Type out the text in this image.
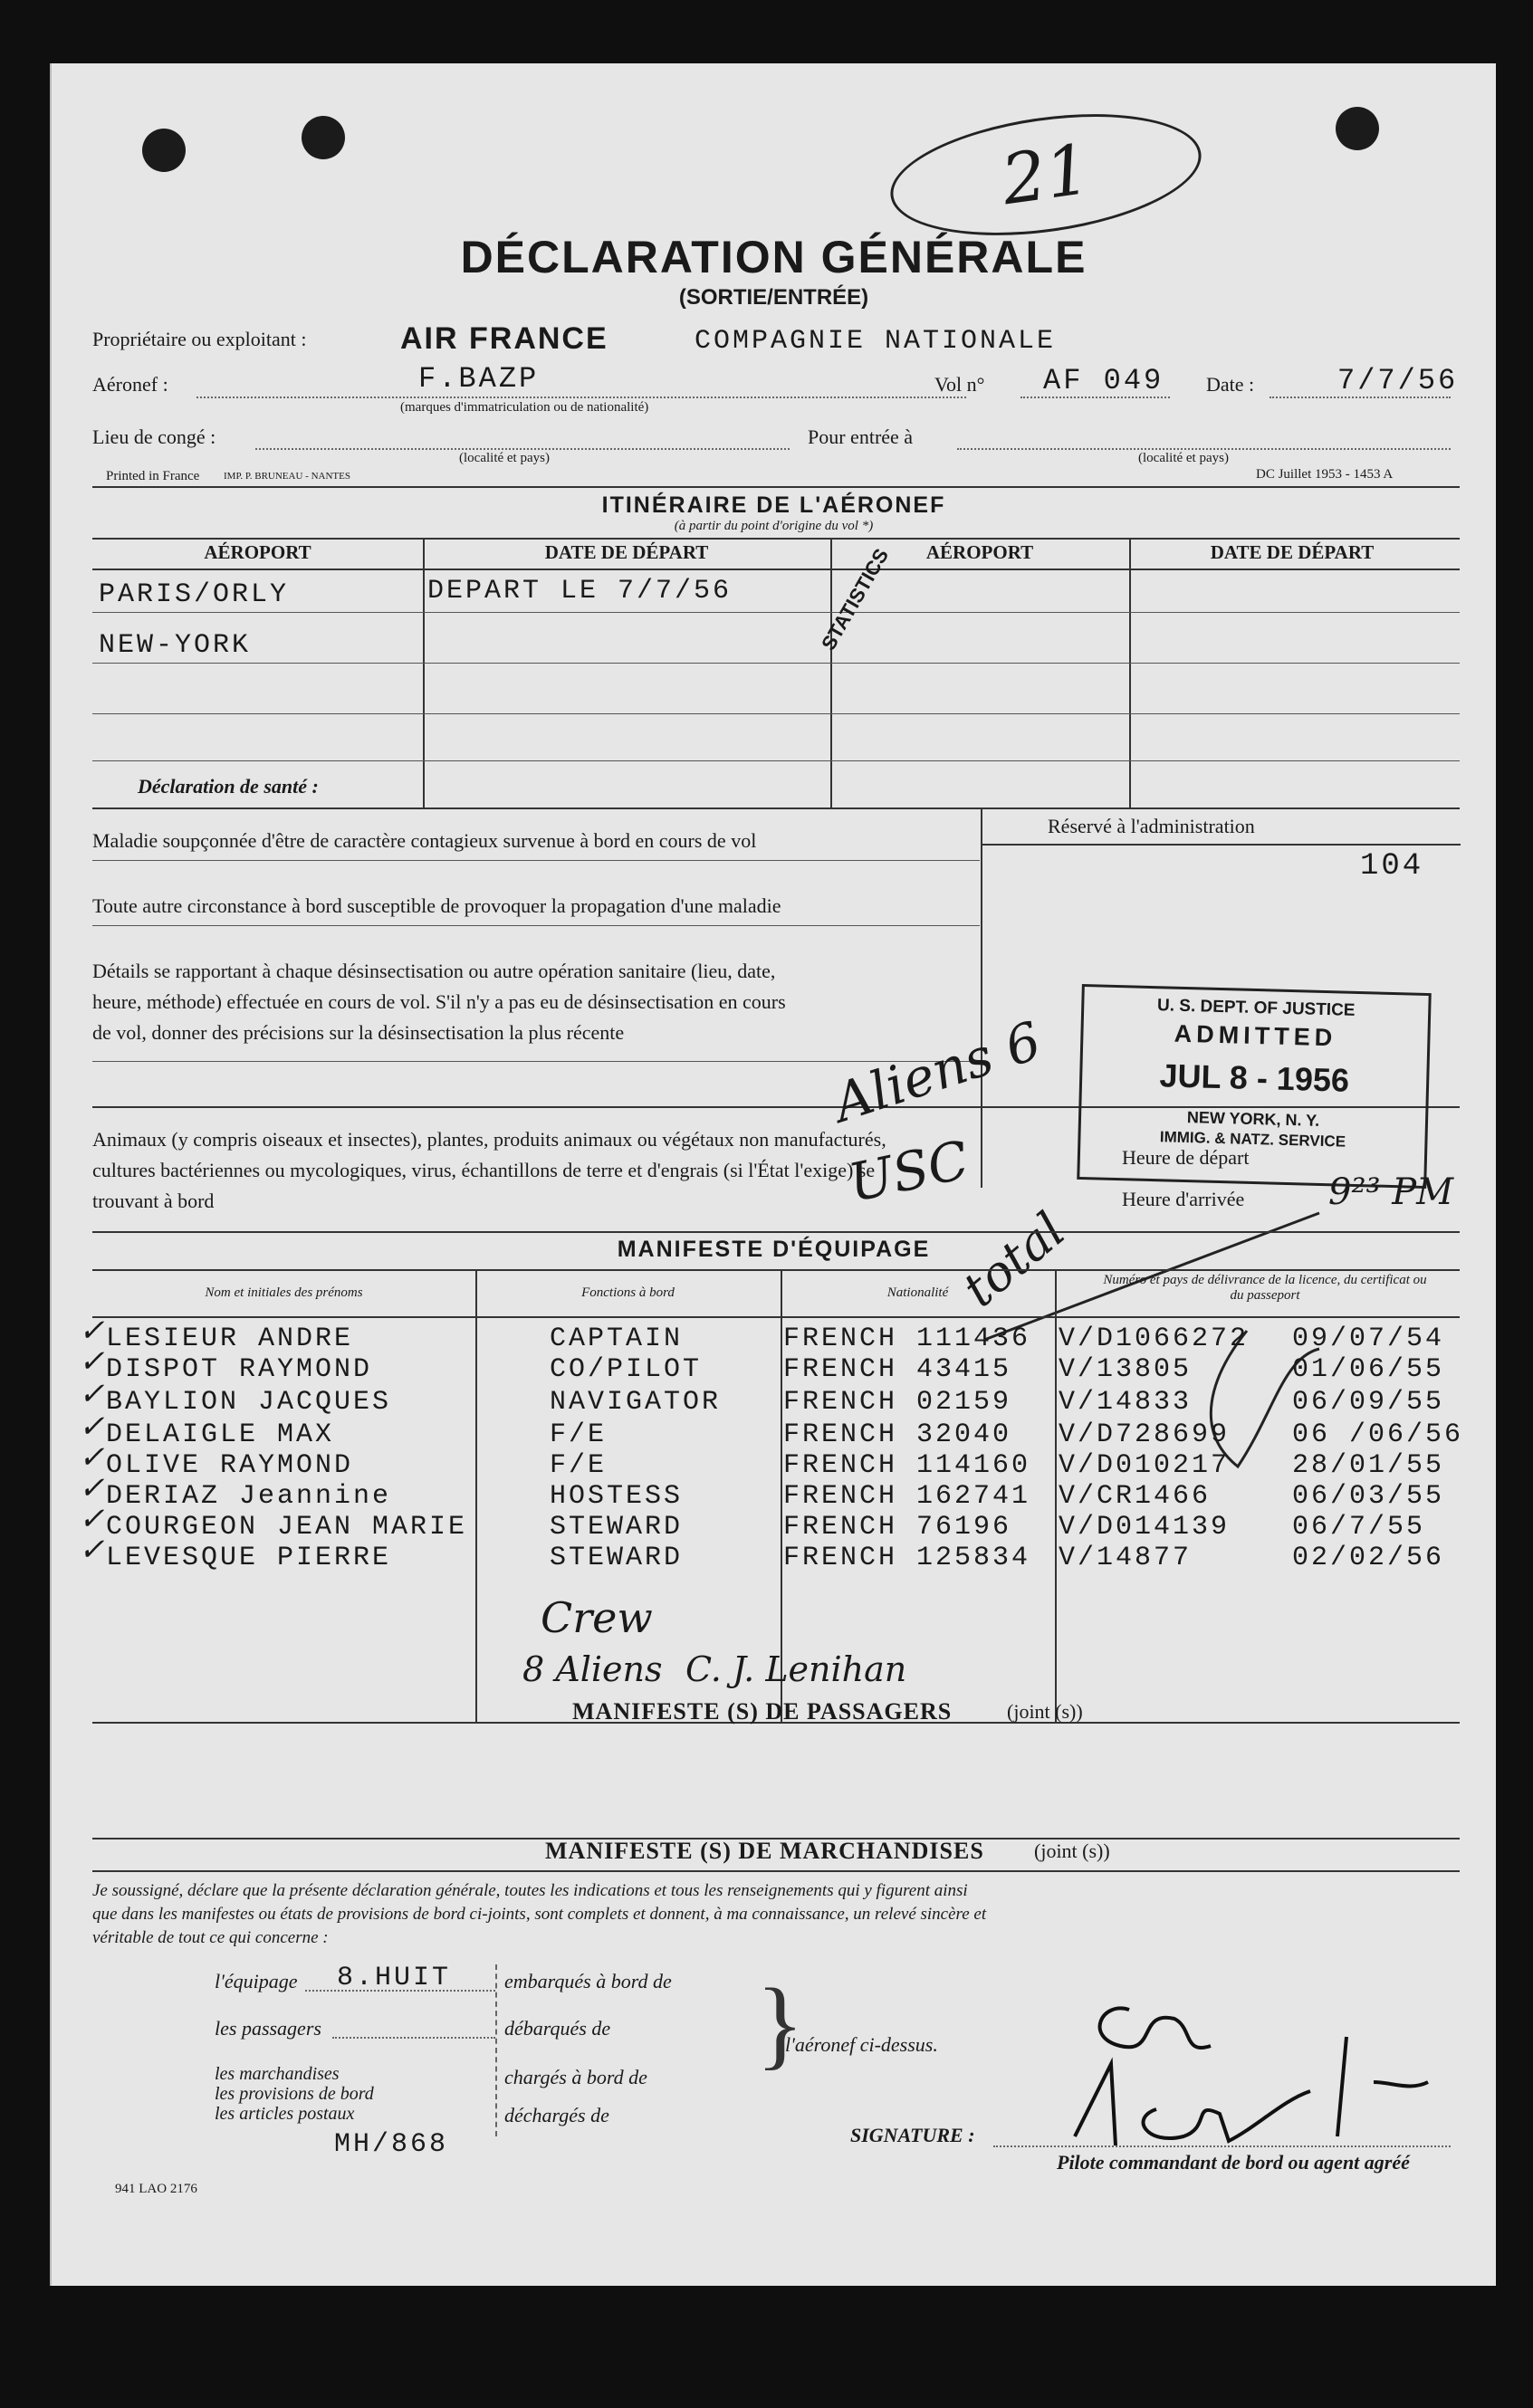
21
DÉCLARATION GÉNÉRALE
(SORTIE/ENTRÉE)
Propriétaire ou exploitant :	AIR FRANCE	COMPAGNIE NATIONALE
Aéronef :	F.BAZP
(marques d'immatriculation ou de nationalité)
Vol n° AF 049 Date :	7/7/56
Lieu de congé :
(localité et pays)
Pour entrée à
(localité et pays)
Printed in France IMP. P. BRUNEAU - NANTES	DC Juillet 1953 - 1453 A
ITINÉRAIRE DE L'AÉRONEF
(à partir du point d'origine du vol *)
AÉROPORT	DATE DE DÉPART	AÉROPORT	DATE DE DÉPART
PARIS/ORLY	DEPART LE 7/7/56
NEW-YORK	STATISTICS
Réservé à l'administration
104
Déclaration de santé :
Maladie soupçonnée d'être de caractère contagieux survenue à bord en cours de vol
Toute autre circonstance à bord susceptible de provoquer la propagation d'une maladie
Détails se rapportant à chaque désinsectisation ou autre opération sanitaire (lieu, date,
heure, méthode) effectuée en cours de vol. S'il n'y a pas eu de désinsectisation en cours
de vol, donner des précisions sur la désinsectisation la plus récente
Animaux (y compris oiseaux et insectes), plantes, produits animaux ou végétaux non manufacturés,
cultures bactériennes ou mycologiques, virus, échantillons de terre et d'engrais (si l'État l'exige) se
trouvant à bord
U. S. DEPT. OF JUSTICE
ADMITTED
JUL 8 - 1956
NEW YORK, N. Y.
IMMIG. & NATZ. SERVICE
Heure de départ
Heure d'arrivée 9²³ PM
Aliens 6
USC
total
MANIFESTE D'ÉQUIPAGE
Nom et initiales des prénoms	Fonctions à bord	Nationalité
Numéro et pays de délivrance de la licence, du certificat ou du passeport
✓ LESIEUR ANDRE	CAPTAIN	FRENCH 111436 V/D1066272 09/07/54
✓ DISPOT RAYMOND	CO/PILOT	FRENCH 43415 V/13805	01/06/55
✓ BAYLION JACQUES	NAVIGATOR FRENCH 02159 V/14833	06/09/55
✓ DELAIGLE MAX	F/E	FRENCH 32040 V/D728699 06 /06/56
✓ OLIVE RAYMOND	F/E	FRENCH 114160 V/D010217 28/01/55
✓ DERIAZ Jeannine	HOSTESS	FRENCH 162741 V/CR1466	06/03/55
✓ COURGEON JEAN MARIE	STEWARD	FRENCH 76196 V/D014139 06/7/55
✓ LEVESQUE PIERRE	STEWARD	FRENCH 125834 V/14877	02/02/56
Crew
8 Aliens C. J. Lenihan
MANIFESTE (S) DE PASSAGERS	(joint (s))
MANIFESTE (S) DE MARCHANDISES	(joint (s))
Je soussigné, déclare que la présente déclaration générale, toutes les indications et tous les renseignements qui y figurent ainsi
que dans les manifestes ou états de provisions de bord ci-joints, sont complets et donnent, à ma connaissance, un relevé sincère et
véritable de tout ce qui concerne :
l'équipage 8.HUIT	embarqués à bord de
les passagers	débarqués de
les marchandises
les provisions de bord
les articles postaux
chargés à bord de
déchargés de
}
l'aéronef ci-dessus.
SIGNATURE :
Pilote commandant de bord ou agent agréé
MH/868
941 LAO 2176
